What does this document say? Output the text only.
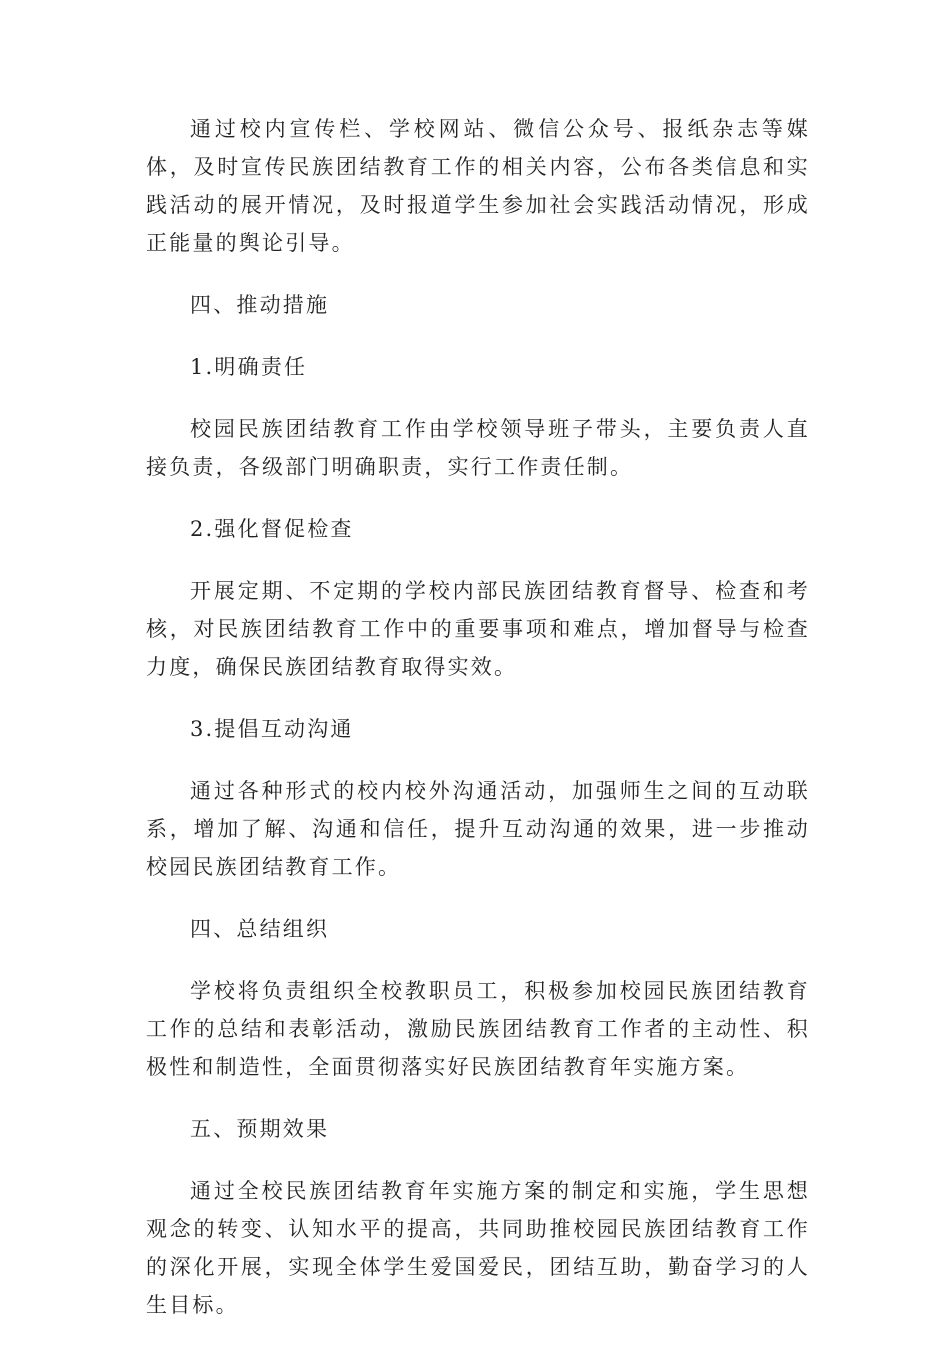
通过校内宣传栏、学校网站、微信公众号、报纸杂志等媒体，及时宣传民族团结教育工作的相关内容，公布各类信息和实践活动的展开情况，及时报道学生参加社会实践活动情况，形成正能量的舆论引导。

四、推动措施

1.明确责任

校园民族团结教育工作由学校领导班子带头，主要负责人直接负责，各级部门明确职责，实行工作责任制。

2.强化督促检查

开展定期、不定期的学校内部民族团结教育督导、检查和考核，对民族团结教育工作中的重要事项和难点，增加督导与检查力度，确保民族团结教育取得实效。

3.提倡互动沟通

通过各种形式的校内校外沟通活动，加强师生之间的互动联系，增加了解、沟通和信任，提升互动沟通的效果，进一步推动校园民族团结教育工作。

四、总结组织

学校将负责组织全校教职员工，积极参加校园民族团结教育工作的总结和表彰活动，激励民族团结教育工作者的主动性、积极性和制造性，全面贯彻落实好民族团结教育年实施方案。

五、预期效果

通过全校民族团结教育年实施方案的制定和实施，学生思想观念的转变、认知水平的提高，共同助推校园民族团结教育工作的深化开展，实现全体学生爱国爱民，团结互助，勤奋学习的人生目标。
